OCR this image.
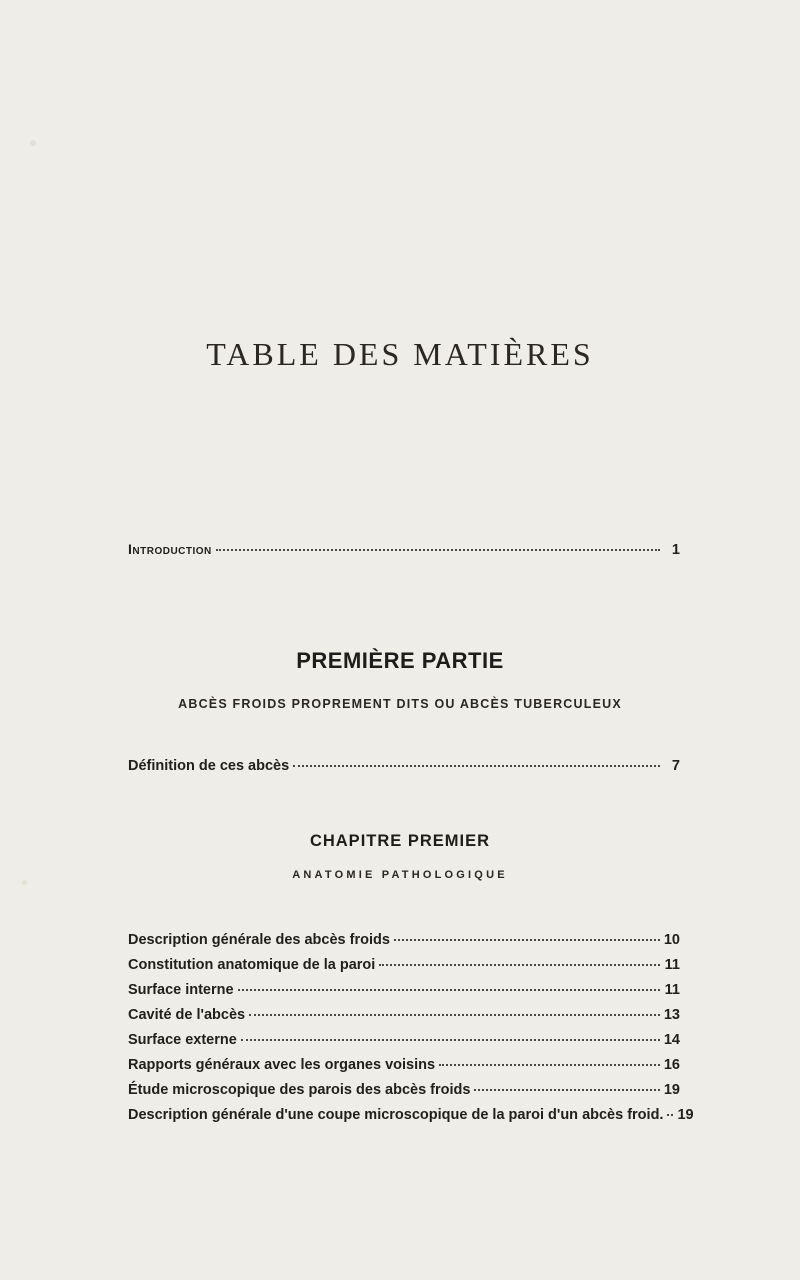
TABLE DES MATIÈRES
Introduction	1
PREMIÈRE PARTIE
ABCÈS FROIDS PROPREMENT DITS OU ABCÈS TUBERCULEUX
Définition de ces abcès	7
CHAPITRE PREMIER
ANATOMIE PATHOLOGIQUE
Description générale des abcès froids	10
Constitution anatomique de la paroi	11
Surface interne	11
Cavité de l'abcès	13
Surface externe	14
Rapports généraux avec les organes voisins	16
Étude microscopique des parois des abcès froids	19
Description générale d'une coupe microscopique de la paroi d'un abcès froid. 19
